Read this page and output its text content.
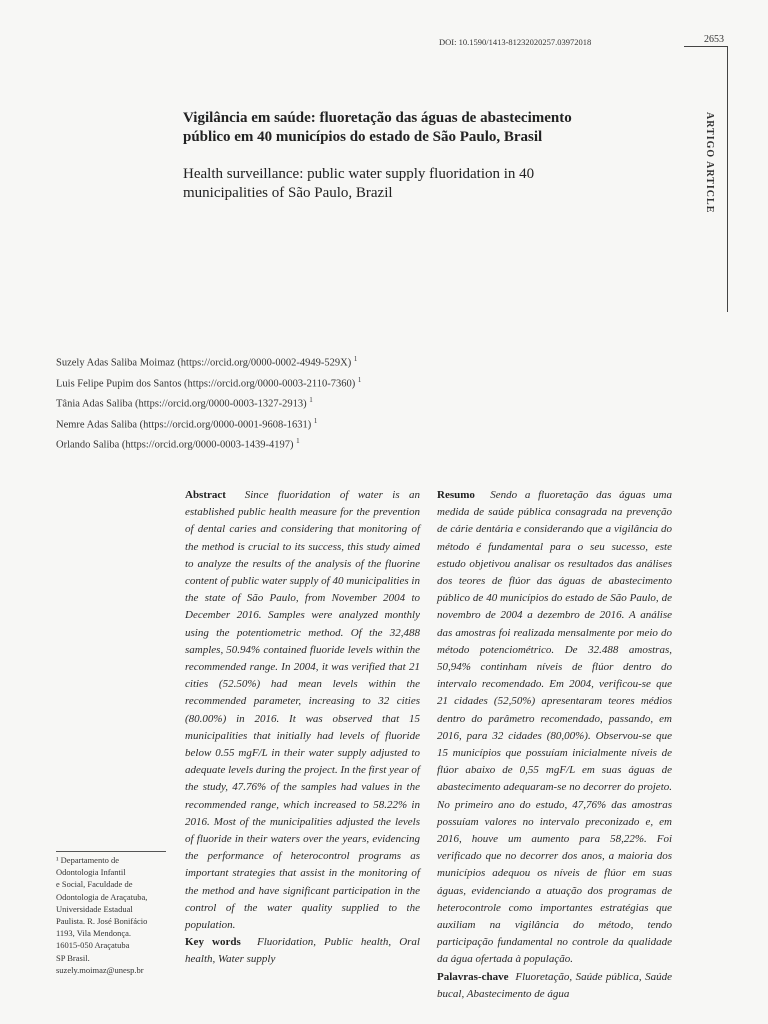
DOI: 10.1590/1413-81232020257.03972018	2653
ARTIGO ARTICLE
Vigilância em saúde: fluoretação das águas de abastecimento público em 40 municípios do estado de São Paulo, Brasil
Health surveillance: public water supply fluoridation in 40 municipalities of São Paulo, Brazil
Suzely Adas Saliba Moimaz (https://orcid.org/0000-0002-4949-529X) $^1$
Luis Felipe Pupim dos Santos (https://orcid.org/0000-0003-2110-7360) $^1$
Tânia Adas Saliba (https://orcid.org/0000-0003-1327-2913) $^1$
Nemre Adas Saliba (https://orcid.org/0000-0001-9608-1631) $^1$
Orlando Saliba (https://orcid.org/0000-0003-1439-4197) $^1$
Abstract Since fluoridation of water is an established public health measure for the prevention of dental caries and considering that monitoring of the method is crucial to its success, this study aimed to analyze the results of the analysis of the fluorine content of public water supply of 40 municipalities in the state of São Paulo, from November 2004 to December 2016. Samples were analyzed monthly using the potentiometric method. Of the 32,488 samples, 50.94% contained fluoride levels within the recommended range. In 2004, it was verified that 21 cities (52.50%) had mean levels within the recommended parameter, increasing to 32 cities (80.00%) in 2016. It was observed that 15 municipalities that initially had levels of fluoride below 0.55 mgF/L in their water supply adjusted to adequate levels during the project. In the first year of the study, 47.76% of the samples had values in the recommended range, which increased to 58.22% in 2016. Most of the municipalities adjusted the levels of fluoride in their waters over the years, evidencing the performance of heterocontrol programs as important strategies that assist in the monitoring of the method and have significant participation in the control of the water quality supplied to the population.
Key words Fluoridation, Public health, Oral health, Water supply
Resumo Sendo a fluoretação das águas uma medida de saúde pública consagrada na prevenção de cárie dentária e considerando que a vigilância do método é fundamental para o seu sucesso, este estudo objetivou analisar os resultados das análises dos teores de flúor das águas de abastecimento público de 40 municípios do estado de São Paulo, de novembro de 2004 a dezembro de 2016. A análise das amostras foi realizada mensalmente por meio do método potenciométrico. De 32.488 amostras, 50,94% continham níveis de flúor dentro do intervalo recomendado. Em 2004, verificou-se que 21 cidades (52,50%) apresentaram teores médios dentro do parâmetro recomendado, passando, em 2016, para 32 cidades (80,00%). Observou-se que 15 municípios que possuíam inicialmente níveis de flúor abaixo de 0,55 mgF/L em suas águas de abastecimento adequaram-se no decorrer do projeto. No primeiro ano do estudo, 47,76% das amostras possuíam valores no intervalo preconizado e, em 2016, houve um aumento para 58,22%. Foi verificado que no decorrer dos anos, a maioria dos municípios adequou os níveis de flúor em suas águas, evidenciando a atuação dos programas de heterocontrole como importantes estratégias que auxiliam na vigilância do método, tendo participação fundamental no controle da qualidade da água ofertada à população.
Palavras-chave Fluoretação, Saúde pública, Saúde bucal, Abastecimento de água
¹ Departamento de
Odontologia Infantil
e Social, Faculdade de
Odontologia de Araçatuba,
Universidade Estadual
Paulista. R. José Bonifácio
1193, Vila Mendonça.
16015-050 Araçatuba
SP Brasil.
suzely.moimaz@unesp.br
